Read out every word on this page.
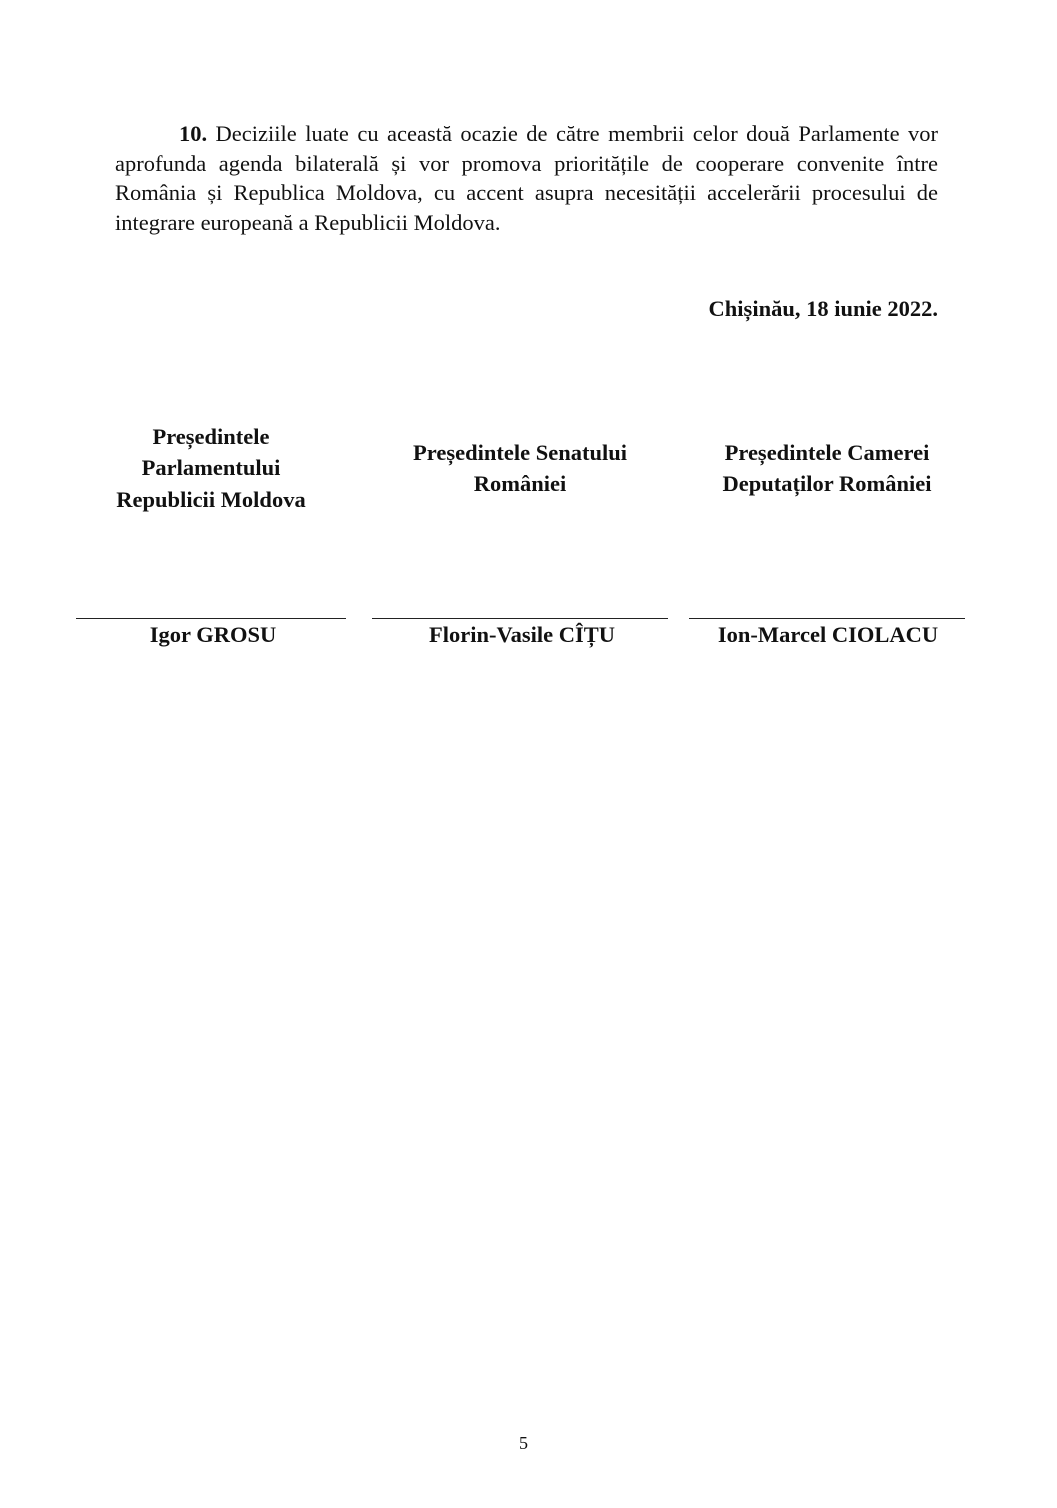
10. Deciziile luate cu această ocazie de către membrii celor două Parlamente vor aprofunda agenda bilaterală și vor promova prioritățile de cooperare convenite între România și Republica Moldova, cu accent asupra necesității accelerării procesului de integrare europeană a Republicii Moldova.

Chișinău, 18 iunie 2022.

Președintele
Parlamentului
Republicii Moldova
Igor GROSU
Președintele Senatului
României
Florin-Vasile CÎȚU
Președintele Camerei
Deputaților României
Ion-Marcel CIOLACU
5
